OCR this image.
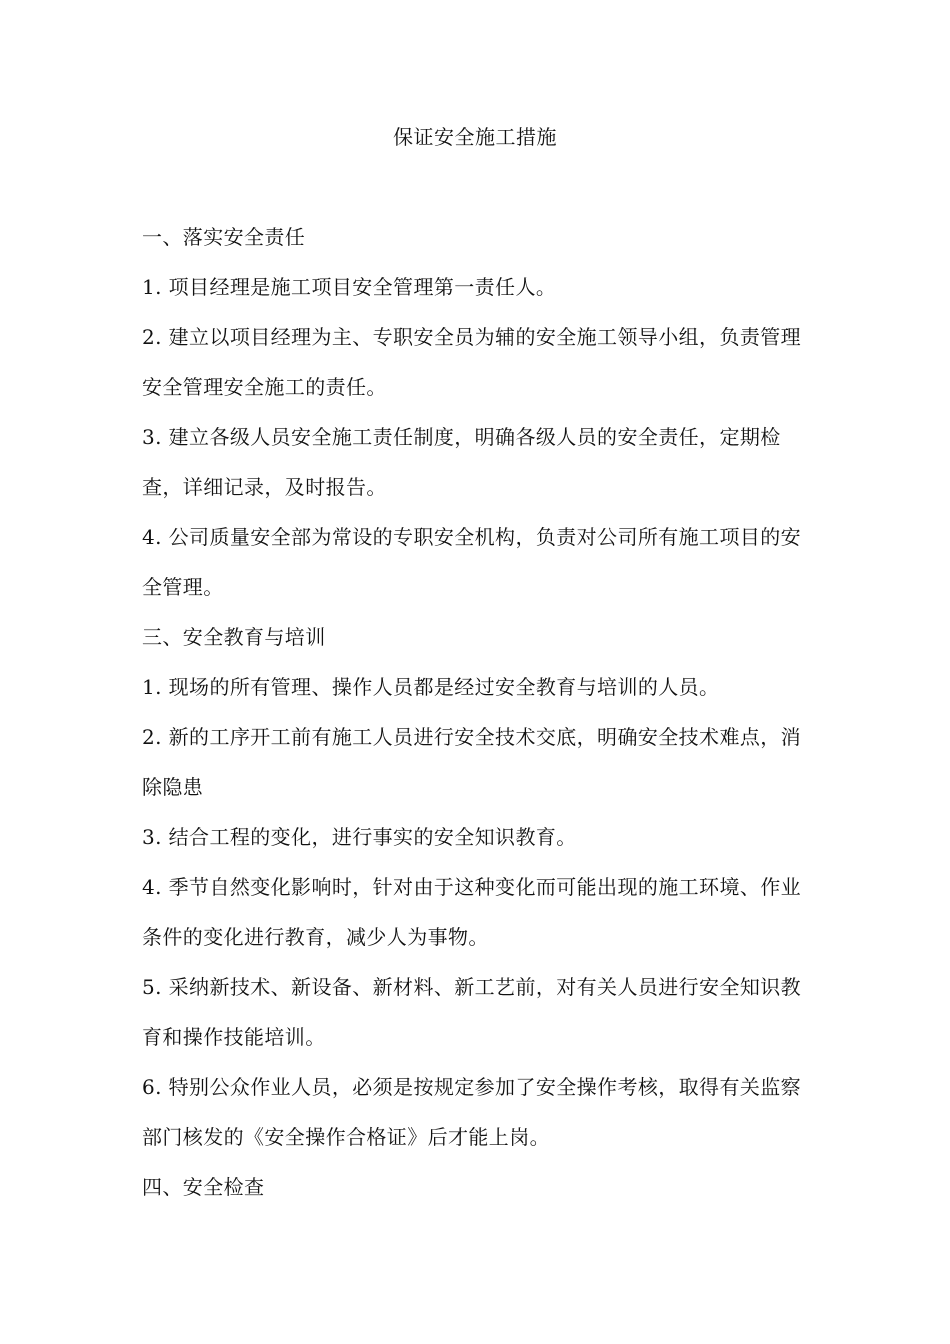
保证安全施工措施
一、落实安全责任
1. 项目经理是施工项目安全管理第一责任人。
2. 建立以项目经理为主、专职安全员为辅的安全施工领导小组，负责管理
安全管理安全施工的责任。
3. 建立各级人员安全施工责任制度，明确各级人员的安全责任，定期检
查，详细记录，及时报告。
4. 公司质量安全部为常设的专职安全机构，负责对公司所有施工项目的安
全管理。
三、安全教育与培训
1. 现场的所有管理、操作人员都是经过安全教育与培训的人员。
2. 新的工序开工前有施工人员进行安全技术交底，明确安全技术难点，消
除隐患
3. 结合工程的变化，进行事实的安全知识教育。
4. 季节自然变化影响时，针对由于这种变化而可能出现的施工环境、作业
条件的变化进行教育，减少人为事物。
5. 采纳新技术、新设备、新材料、新工艺前，对有关人员进行安全知识教
育和操作技能培训。
6. 特别公众作业人员，必须是按规定参加了安全操作考核，取得有关监察
部门核发的《安全操作合格证》后才能上岗。
四、安全检查
